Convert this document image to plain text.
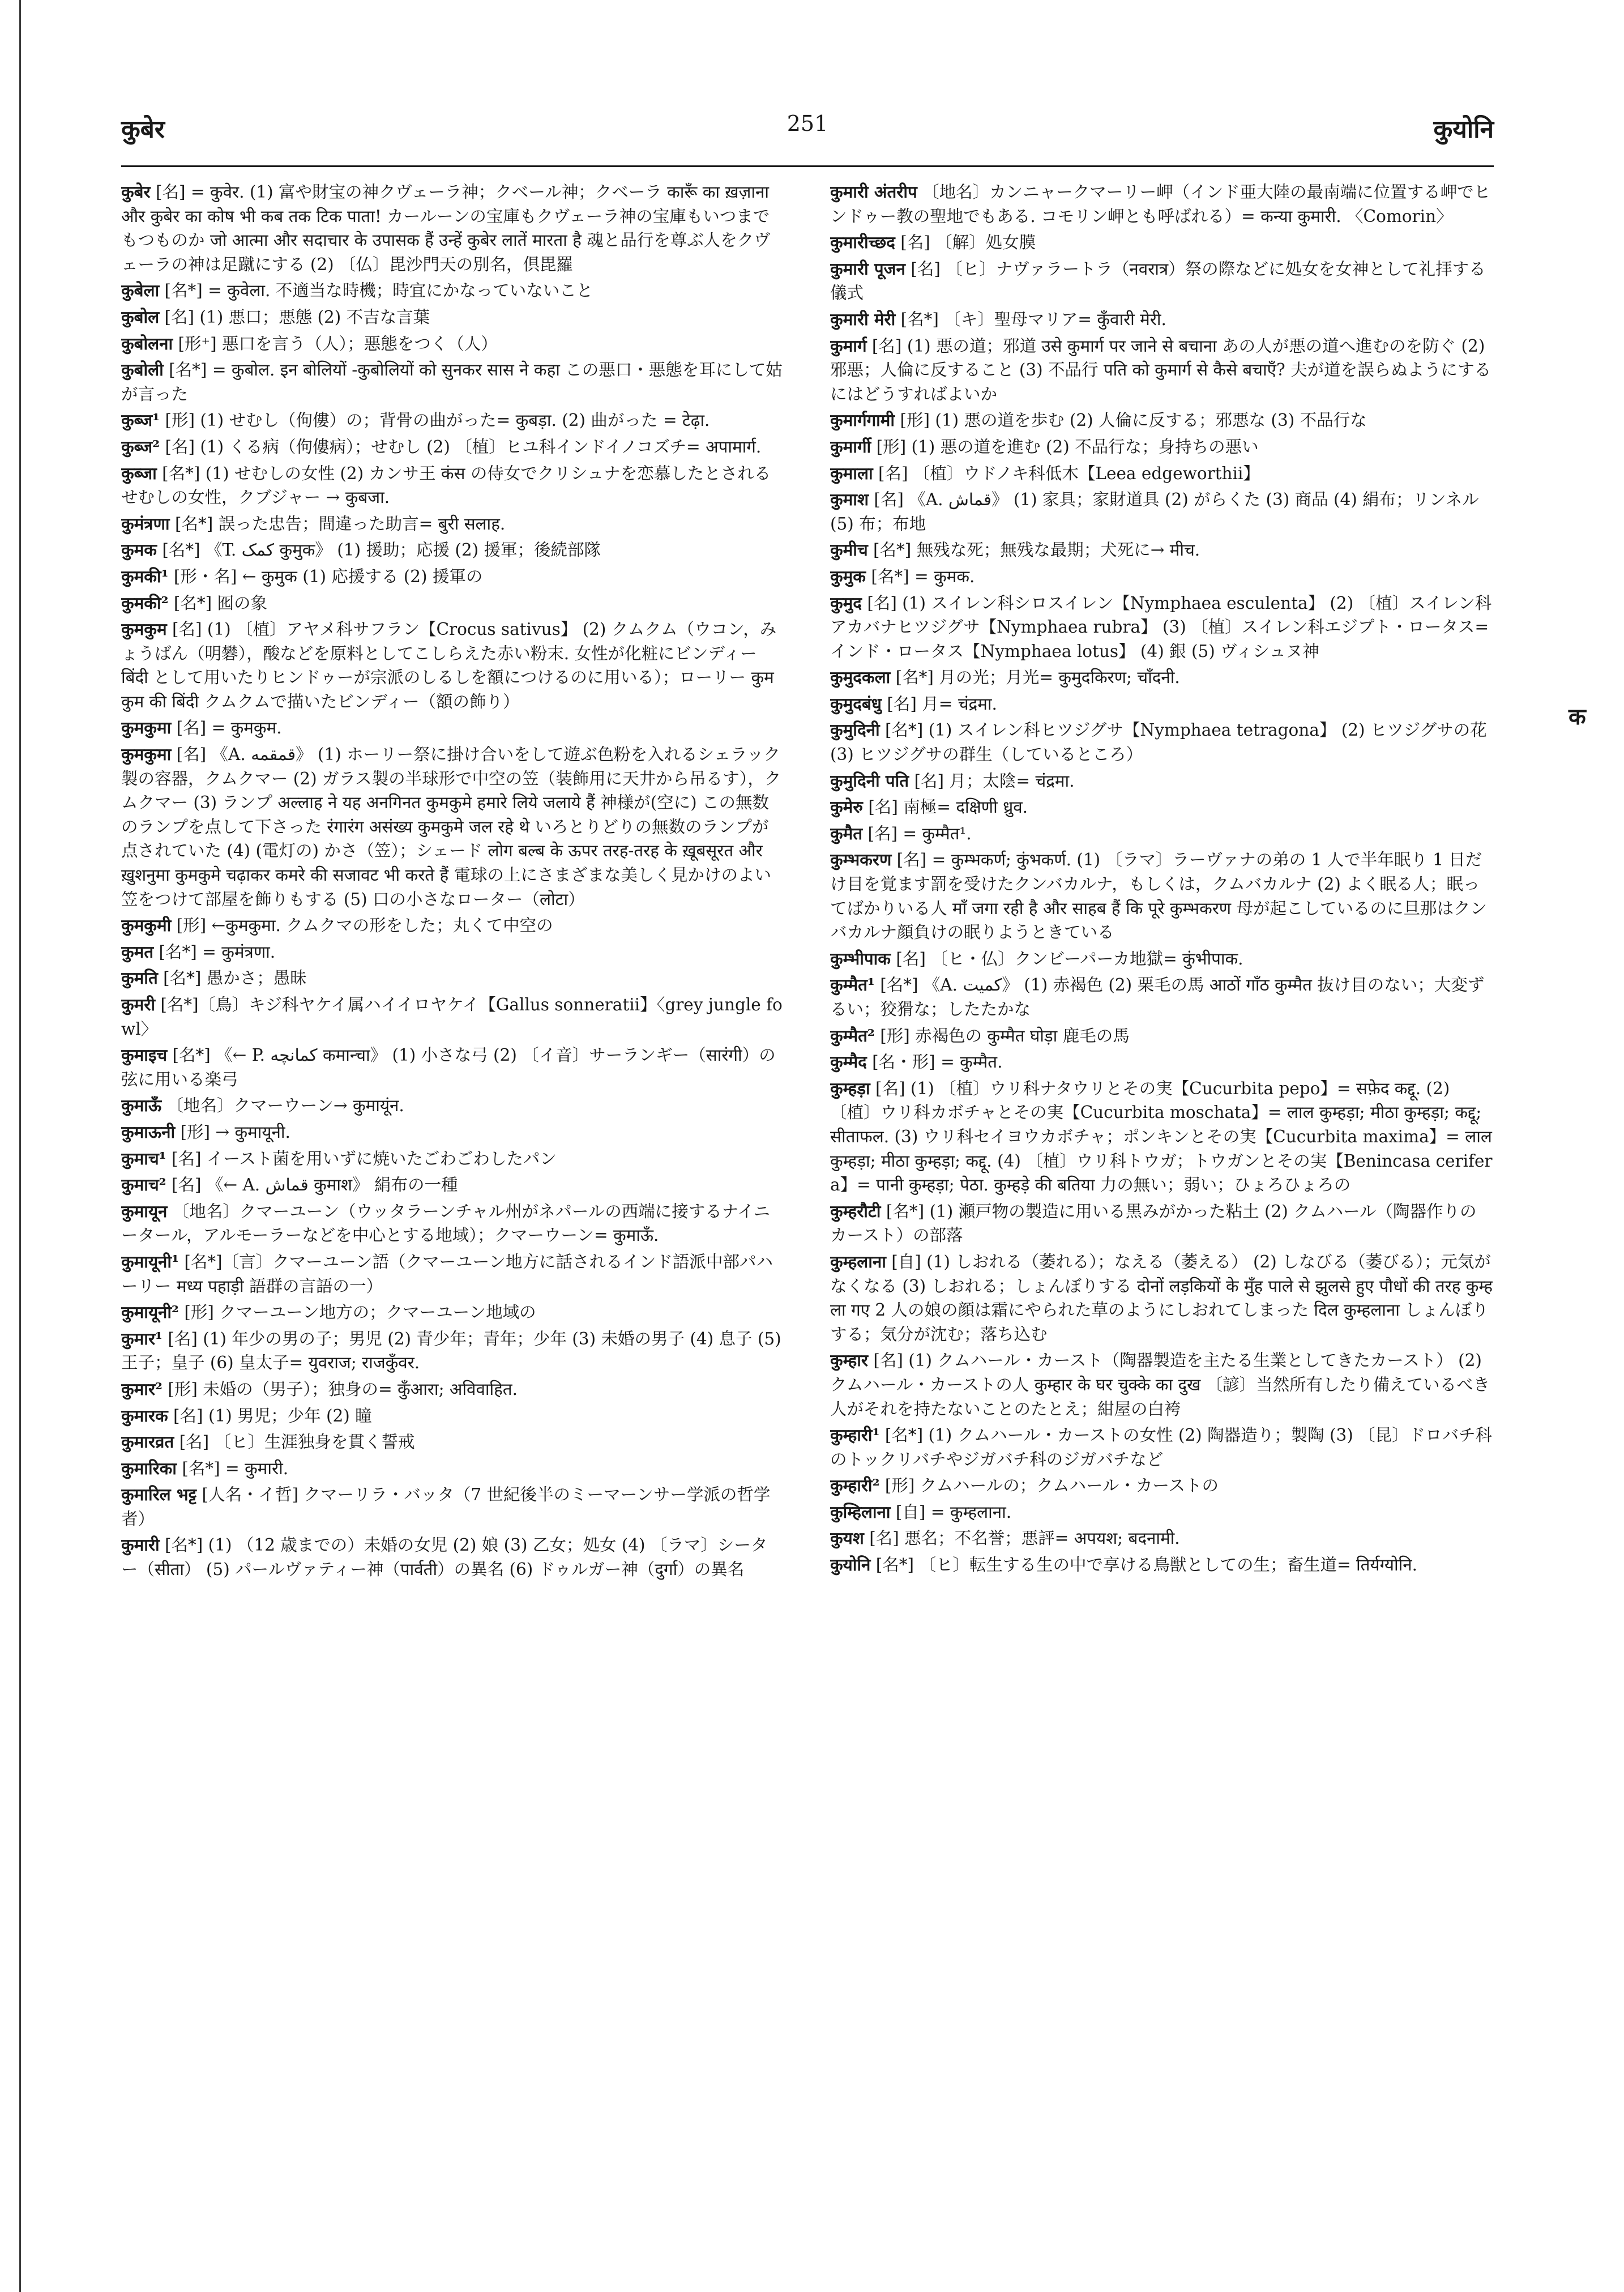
कुबेर	251	कुयोनि

कुबेर [名] = कुवेर. (1) 富や財宝の神クヴェーラ神；クベール神；クベーラ कारूँ का ख़ज़ाना और कुबेर का कोष भी कब तक टिक पाता! カールーンの宝庫もクヴェーラ神の宝庫もいつまでもつものか जो आत्मा और सदाचार के उपासक हैं उन्हें कुबेर लातें मारता है 魂と品行を尊ぶ人をクヴェーラの神は足蹴にする (2) 〔仏〕毘沙門天の別名，倶毘羅

कुबेला [名*] = कुवेला. 不適当な時機；時宜にかなっていないこと

कुबोल [名] (1) 悪口；悪態 (2) 不吉な言葉

कुबोलना [形⁺] 悪口を言う（人）；悪態をつく（人）

कुबोली [名*] = कुबोल. इन बोलियों -कुबोलियों को सुनकर सास ने कहा この悪口・悪態を耳にして姑が言った

कुब्ज¹ [形] (1) せむし（佝僂）の；背骨の曲がった= कुबड़ा. (2) 曲がった = टेढ़ा.

कुब्ज² [名] (1) くる病（佝僂病）；せむし (2) 〔植〕ヒユ科インドイノコズチ= अपामार्ग.

कुब्जा [名*] (1) せむしの女性 (2) カンサ王 कंस の侍女でクリシュナを恋慕したとされるせむしの女性，クブジャー → कुबजा.

कुमंत्रणा [名*] 誤った忠告；間違った助言= बुरी सलाह.

कुमक [名*] 《T. کمک कुमुक》 (1) 援助；応援 (2) 援軍；後続部隊

कुमकी¹ [形・名] ← कुमुक (1) 応援する (2) 援軍の

कुमकी² [名*] 囮の象

कुमकुम [名] (1) 〔植〕アヤメ科サフラン【Crocus sativus】 (2) クムクム（ウコン，みょうばん（明礬），酸などを原料としてこしらえた赤い粉末. 女性が化粧にビンディー बिंदी として用いたりヒンドゥーが宗派のしるしを額につけるのに用いる）；ローリー कुमकुम की बिंदी クムクムで描いたビンディー（額の飾り）

कुमकुमा [名] = कुमकुम.

कुमकुमा [名] 《A. قمقمه》 (1) ホーリー祭に掛け合いをして遊ぶ色粉を入れるシェラック製の容器，クムクマー (2) ガラス製の半球形で中空の笠（装飾用に天井から吊るす），クムクマー (3) ランプ अल्लाह ने यह अनगिनत कुमकुमे हमारे लिये जलाये हैं 神様が(空に) この無数のランプを点して下さった रंगारंग असंख्य कुमकुमे जल रहे थे いろとりどりの無数のランプが点されていた (4) (電灯の) かさ（笠）；シェード लोग बल्ब के ऊपर तरह-तरह के ख़ूबसूरत और ख़ुशनुमा कुमकुमे चढ़ाकर कमरे की सजावट भी करते हैं 電球の上にさまざまな美しく見かけのよい笠をつけて部屋を飾りもする (5) 口の小さなローター（लोटा）

कुमकुमी [形] ←कुमकुमा. クムクマの形をした；丸くて中空の

कुमत [名*] = कुमंत्रणा.

कुमति [名*] 愚かさ；愚昧

कुमरी [名*]〔鳥〕キジ科ヤケイ属ハイイロヤケイ【Gallus sonneratii】〈grey jungle fowl〉

कुमाइच [名*] 《← P. کمانچه कमान्चा》 (1) 小さな弓 (2) 〔イ音〕サーランギー（सारंगी）の弦に用いる楽弓

कुमाऊँ 〔地名〕クマーウーン→ कुमायूंन.

कुमाऊनी [形] → कुमायूनी.

कुमाच¹ [名] イースト菌を用いずに焼いたごわごわしたパン

कुमाच² [名] 《← A. قماش कुमाश》 絹布の一種

कुमायून 〔地名〕クマーユーン（ウッタラーンチャル州がネパールの西端に接するナイニータール，アルモーラーなどを中心とする地域）；クマーウーン= कुमाऊँ.

कुमायूनी¹ [名*]〔言〕クマーユーン語（クマーユーン地方に話されるインド語派中部パハーリー मध्य पहाड़ी 語群の言語の一）

कुमायूनी² [形] クマーユーン地方の；クマーユーン地域の

कुमार¹ [名] (1) 年少の男の子；男児 (2) 青少年；青年；少年 (3) 未婚の男子 (4) 息子 (5) 王子；皇子 (6) 皇太子= युवराज; राजकुँवर.

कुमार² [形] 未婚の（男子）；独身の= कुँआरा; अविवाहित.

कुमारक [名] (1) 男児；少年 (2) 瞳

कुमारव्रत [名] 〔ヒ〕生涯独身を貫く誓戒

कुमारिका [名*] = कुमारी.

कुमारिल भट्ट [人名・イ哲] クマーリラ・バッタ（7 世紀後半のミーマーンサー学派の哲学者）

कुमारी [名*] (1) （12 歳までの）未婚の女児 (2) 娘 (3) 乙女；処女 (4) 〔ラマ〕シーター（सीता） (5) パールヴァティー神（पार्वती）の異名 (6) ドゥルガー神（दुर्गा）の異名

कुमारी अंतरीप 〔地名〕カンニャークマーリー岬（インド亜大陸の最南端に位置する岬でヒンドゥー教の聖地でもある. コモリン岬とも呼ばれる）= कन्या कुमारी. 〈Comorin〉

कुमारीच्छद [名] 〔解〕処女膜

कुमारी पूजन [名] 〔ヒ〕ナヴァラートラ（नवरात्र）祭の際などに処女を女神として礼拝する儀式

कुमारी मेरी [名*] 〔キ〕聖母マリア= कुँवारी मेरी.

कुमार्ग [名] (1) 悪の道；邪道 उसे कुमार्ग पर जाने से बचाना あの人が悪の道へ進むのを防ぐ (2) 邪悪；人倫に反すること (3) 不品行 पति को कुमार्ग से कैसे बचाएँ? 夫が道を誤らぬようにするにはどうすればよいか

कुमार्गगामी [形] (1) 悪の道を歩む (2) 人倫に反する；邪悪な (3) 不品行な

कुमार्गी [形] (1) 悪の道を進む (2) 不品行な；身持ちの悪い

कुमाला [名] 〔植〕ウドノキ科低木【Leea edgeworthii】

कुमाश [名] 《A. قماش》 (1) 家具；家財道具 (2) がらくた (3) 商品 (4) 絹布；リンネル (5) 布；布地

कुमीच [名*] 無残な死；無残な最期；犬死に→ मीच.

कुमुक [名*] = कुमक.

कुमुद [名] (1) スイレン科シロスイレン【Nymphaea esculenta】 (2) 〔植〕スイレン科アカバナヒツジグサ【Nymphaea rubra】 (3) 〔植〕スイレン科エジプト・ロータス=インド・ロータス【Nymphaea lotus】 (4) 銀 (5) ヴィシュヌ神

कुमुदकला [名*] 月の光；月光= कुमुदकिरण; चाँदनी.

कुमुदबंधु [名] 月= चंद्रमा.

कुमुदिनी [名*] (1) スイレン科ヒツジグサ【Nymphaea tetragona】 (2) ヒツジグサの花 (3) ヒツジグサの群生（しているところ）

कुमुदिनी पति [名] 月；太陰= चंद्रमा.

कुमेरु [名] 南極= दक्षिणी ध्रुव.

कुमैत [名] = कुम्मैत¹.

कुम्भकरण [名] = कुम्भकर्ण; कुंभकर्ण. (1) 〔ラマ〕ラーヴァナの弟の 1 人で半年眠り 1 日だけ目を覚ます罰を受けたクンバカルナ，もしくは，クムバカルナ (2) よく眠る人；眠ってばかりいる人 माँ जगा रही है और साहब हैं कि पूरे कुम्भकरण 母が起こしているのに旦那はクンバカルナ顔負けの眠りようときている

कुम्भीपाक [名] 〔ヒ・仏〕クンビーパーカ地獄= कुंभीपाक.

कुम्मैत¹ [名*] 《A. کمیت》 (1) 赤褐色 (2) 栗毛の馬 आठों गाँठ कुम्मैत 抜け目のない；大変ずるい；狡猾な；したたかな

कुम्मैत² [形] 赤褐色の कुम्मैत घोड़ा 鹿毛の馬

कुम्मैद [名・形] = कुम्मैत.

कुम्हड़ा [名] (1) 〔植〕ウリ科ナタウリとその実【Cucurbita pepo】= सफ़ेद कद्दू. (2) 〔植〕ウリ科カボチャとその実【Cucurbita moschata】= लाल कुम्हड़ा; मीठा कुम्हड़ा; कद्दू; सीताफल. (3) ウリ科セイヨウカボチャ；ポンキンとその実【Cucurbita maxima】= लाल कुम्हड़ा; मीठा कुम्हड़ा; कद्दू. (4) 〔植〕ウリ科トウガ；トウガンとその実【Benincasa cerifera】= पानी कुम्हड़ा; पेठा. कुम्हड़े की बतिया 力の無い；弱い；ひょろひょろの

कुम्हरौटी [名*] (1) 瀬戸物の製造に用いる黒みがかった粘土 (2) クムハール（陶器作りのカースト）の部落

कुम्हलाना [自] (1) しおれる（萎れる）；なえる（萎える） (2) しなびる（萎びる）；元気がなくなる (3) しおれる；しょんぼりする दोनों लड़कियों के मुँह पाले से झुलसे हुए पौधों की तरह कुम्हला गए 2 人の娘の顔は霜にやられた草のようにしおれてしまった दिल कुम्हलाना しょんぼりする；気分が沈む；落ち込む

कुम्हार [名] (1) クムハール・カースト（陶器製造を主たる生業としてきたカースト） (2) クムハール・カーストの人 कुम्हार के घर चुक्के का दुख 〔諺〕当然所有したり備えているべき人がそれを持たないことのたとえ；紺屋の白袴

कुम्हारी¹ [名*] (1) クムハール・カーストの女性 (2) 陶器造り；製陶 (3) 〔昆〕ドロバチ科のトックリバチやジガバチ科のジガバチなど

कुम्हारी² [形] クムハールの；クムハール・カーストの

कुम्हिलाना [自] = कुम्हलाना.

कुयश [名] 悪名；不名誉；悪評= अपयश; बदनामी.

कुयोनि [名*] 〔ヒ〕転生する生の中で享ける鳥獣としての生；畜生道= तिर्यग्योनि.

क
